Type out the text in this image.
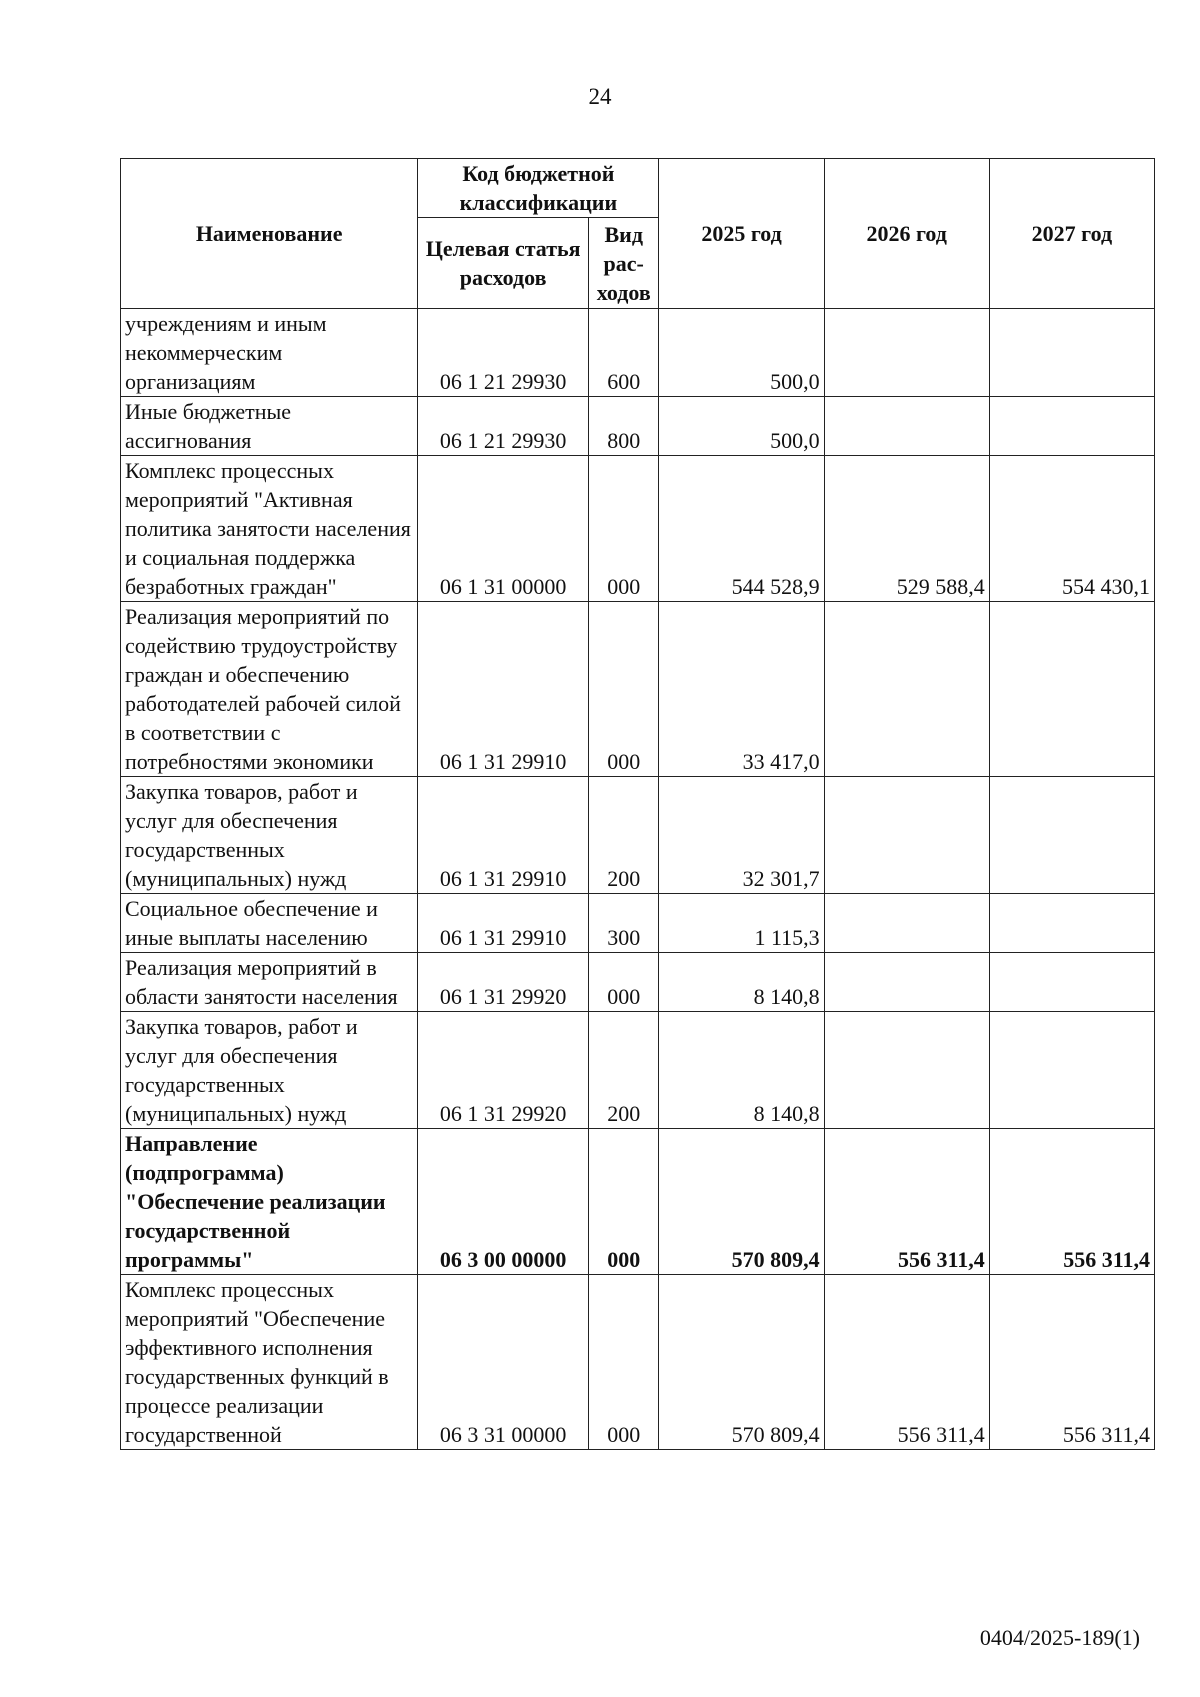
24
Наименование	Код бюджетной классификации		2025 год	2026 год	2027 год
	Целевая статья расходов	Вид рас-ходов			
учреждениям и иным некоммерческим организациям	06 1 21 29930	600	500,0		
Иные бюджетные ассигнования	06 1 21 29930	800	500,0		
Комплекс процессных мероприятий "Активная политика занятости населения и социальная поддержка безработных граждан"	06 1 31 00000	000	544 528,9	529 588,4	554 430,1
Реализация мероприятий по содействию трудоустройству граждан и обеспечению работодателей рабочей силой в соответствии с потребностями экономики	06 1 31 29910	000	33 417,0		
Закупка товаров, работ и услуг для обеспечения государственных (муниципальных) нужд	06 1 31 29910	200	32 301,7		
Социальное обеспечение и иные выплаты населению	06 1 31 29910	300	1 115,3		
Реализация мероприятий в области занятости населения	06 1 31 29920	000	8 140,8		
Закупка товаров, работ и услуг для обеспечения государственных (муниципальных) нужд	06 1 31 29920	200	8 140,8		
Направление (подпрограмма) "Обеспечение реализации государственной программы"	06 3 00 00000	000	570 809,4	556 311,4	556 311,4
Комплекс процессных мероприятий "Обеспечение эффективного исполнения государственных функций в процессе реализации государственной	06 3 31 00000	000	570 809,4	556 311,4	556 311,4
0404/2025-189(1)
